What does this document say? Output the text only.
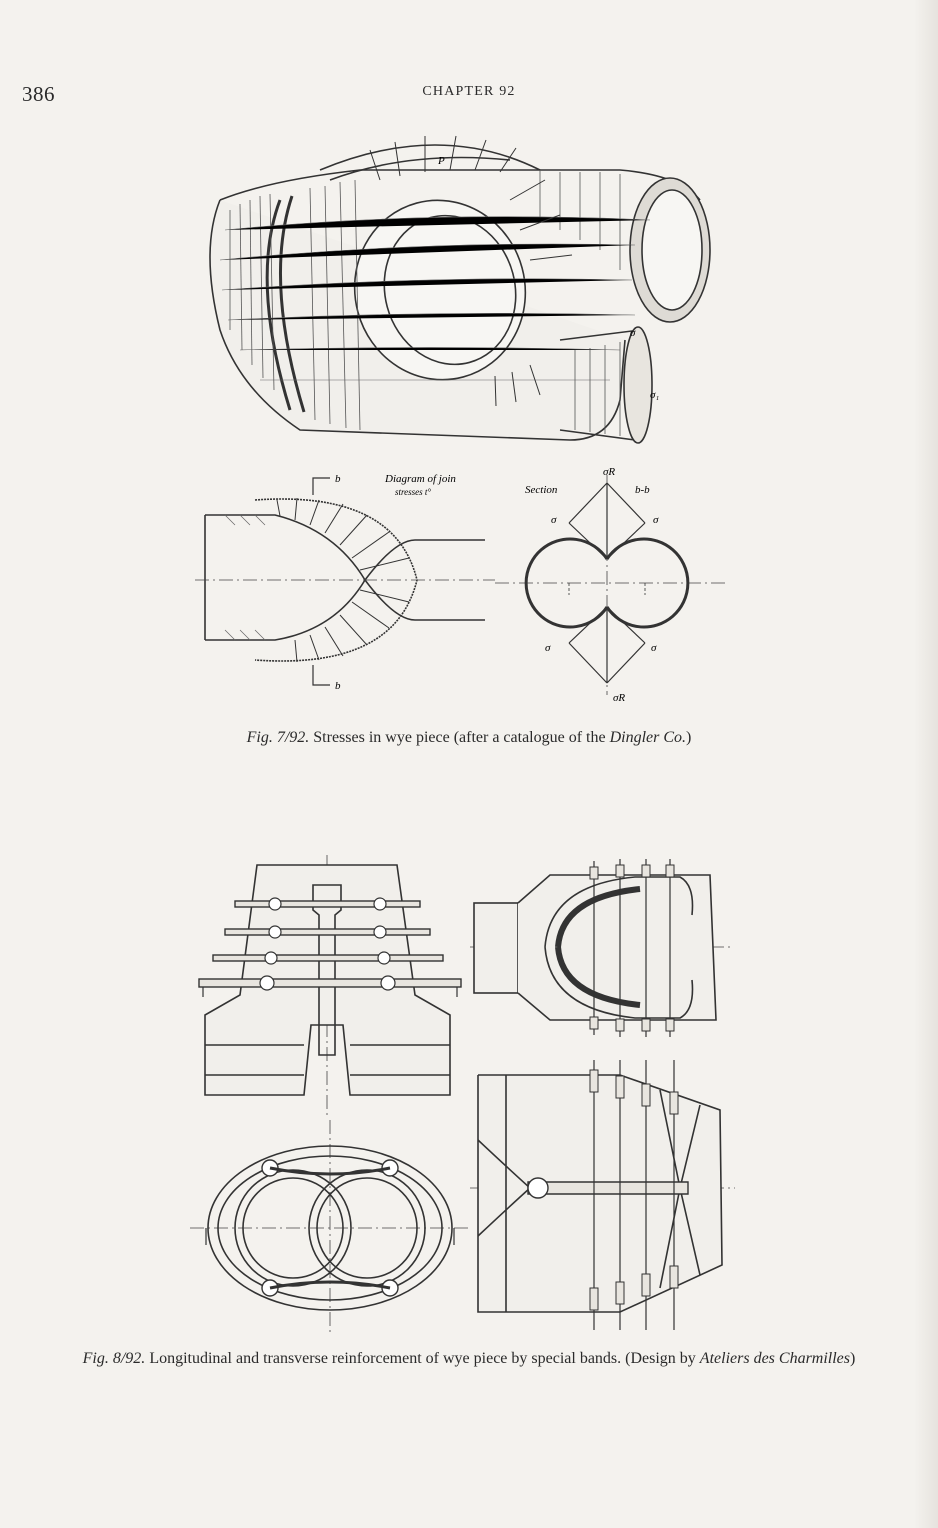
386	CHAPTER 92
P
σ
σ₁
b
b
Diagram of join
stresses t°
σR
σR
Section	b-b
σ	σ
σ	σ
Fig. 7/92. Stresses in wye piece (after a catalogue of the Dingler Co.)
Fig. 8/92. Longitudinal and transverse reinforcement of wye piece by special bands. (Design by Ateliers des Charmilles)
